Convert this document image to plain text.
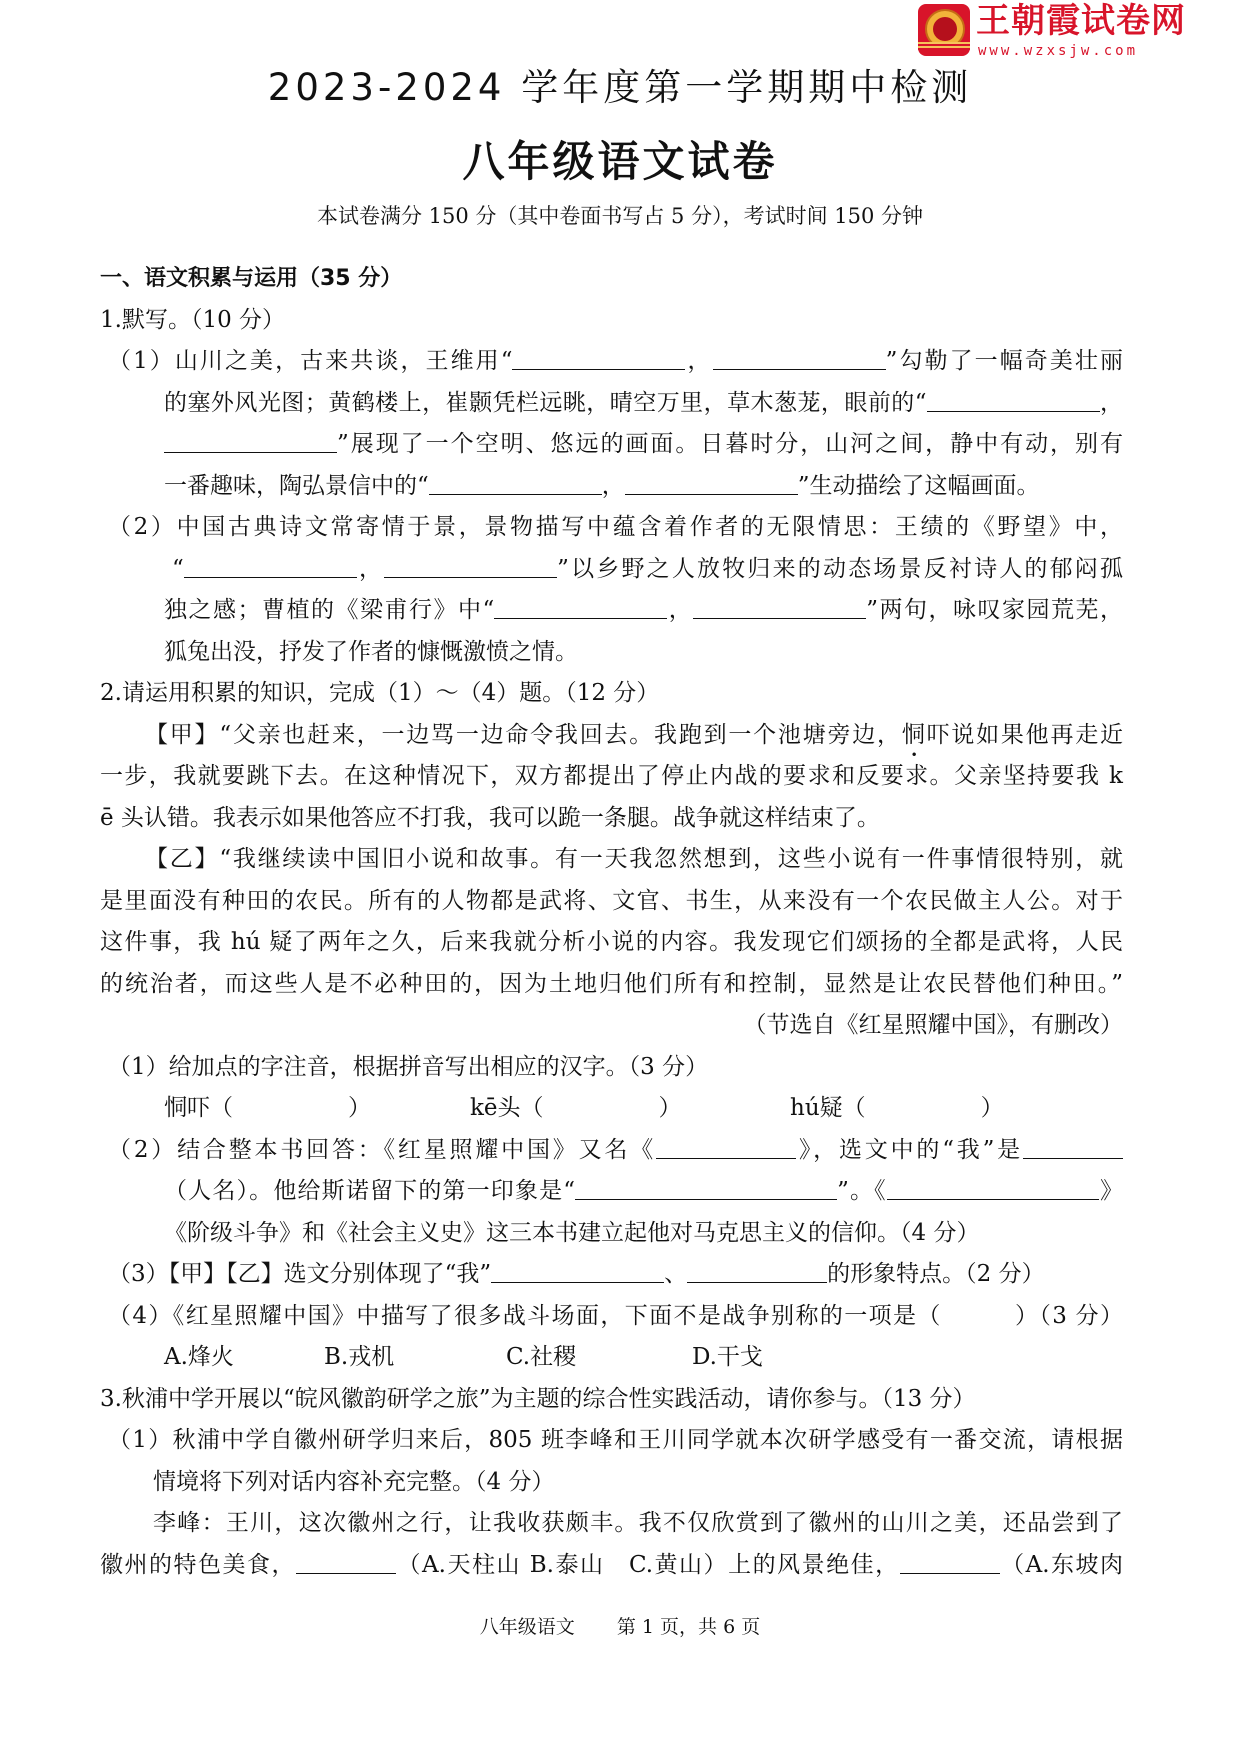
王朝霞试卷网
www.wzxsjw.com
2023-2024 学年度第一学期期中检测
八年级语文试卷
本试卷满分 150 分（其中卷面书写占 5 分），考试时间 150 分钟
一、语文积累与运用（35 分）
1.默写。（10 分）
（1）山川之美，古来共谈，王维用“	，	”勾勒了一幅奇美壮丽
的塞外风光图；黄鹤楼上，崔颢凭栏远眺，晴空万里，草木葱茏，眼前的“	，
”展现了一个空明、悠远的画面。日暮时分，山河之间，静中有动，别有
一番趣味，陶弘景信中的“	，	”生动描绘了这幅画面。
（2）中国古典诗文常寄情于景，景物描写中蕴含着作者的无限情思：王绩的《野望》中，
“	，	”以乡野之人放牧归来的动态场景反衬诗人的郁闷孤
独之感；曹植的《梁甫行》中“	，	”两句，咏叹家园荒芜，
狐兔出没，抒发了作者的慷慨激愤之情。
2.请运用积累的知识，完成（1）～（4）题。（12 分）
【甲】“父亲也赶来，一边骂一边命令我回去。我跑到一个池塘旁边，恫吓说如果他再走近
一步，我就要跳下去。在这种情况下，双方都提出了停止内战的要求和反要求。父亲坚持要我 k
ē 头认错。我表示如果他答应不打我，我可以跪一条腿。战争就这样结束了。
【乙】“我继续读中国旧小说和故事。有一天我忽然想到，这些小说有一件事情很特别，就
是里面没有种田的农民。所有的人物都是武将、文官、书生，从来没有一个农民做主人公。对于
这件事，我 hú 疑了两年之久，后来我就分析小说的内容。我发现它们颂扬的全都是武将，人民
的统治者，而这些人是不必种田的，因为土地归他们所有和控制，显然是让农民替他们种田。”
（节选自《红星照耀中国》，有删改）
（1）给加点的字注音，根据拼音写出相应的汉字。（3 分）
恫吓（　　　　　）	kē头（　　　　　）	hú疑（　　　　　）
（2）结合整本书回答：《红星照耀中国》又名《	》，选文中的“我”是
（人名）。他给斯诺留下的第一印象是“	”。《	》
《阶级斗争》和《社会主义史》这三本书建立起他对马克思主义的信仰。（4 分）
（3）【甲】【乙】选文分别体现了“我”	、	的形象特点。（2 分）
（4）《红星照耀中国》中描写了很多战斗场面，下面不是战争别称的一项是（　　　）（3 分）
A.烽火	B.戎机	C.社稷	D.干戈
3.秋浦中学开展以“皖风徽韵研学之旅”为主题的综合性实践活动，请你参与。（13 分）
（1）秋浦中学自徽州研学归来后，805 班李峰和王川同学就本次研学感受有一番交流，请根据
情境将下列对话内容补充完整。（4 分）
李峰：王川，这次徽州之行，让我收获颇丰。我不仅欣赏到了徽州的山川之美，还品尝到了
徽州的特色美食，	（A.天柱山 B.泰山　C.黄山）上的风景绝佳，	（A.东坡肉
八年级语文 第 1 页，共 6 页
